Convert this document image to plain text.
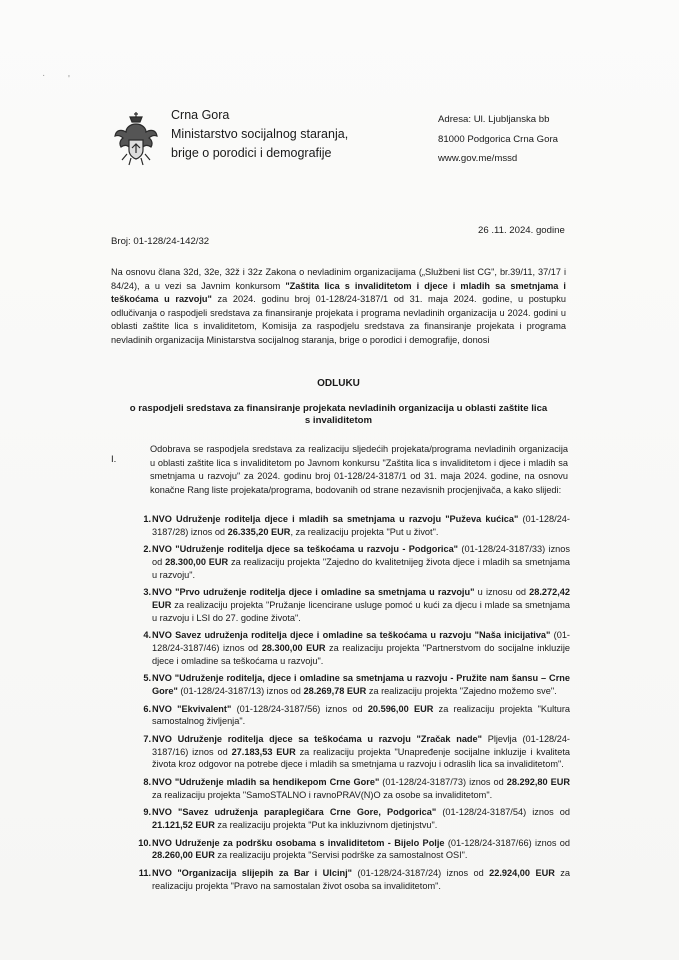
· '
Crna Gora
Ministarstvo socijalnog staranja,
brige o porodici i demografije
Adresa: Ul. Ljubljanska bb
81000 Podgorica Crna Gora
www.gov.me/mssd
Broj: 01-128/24-142/32
26 .11. 2024. godine
Na osnovu člana 32d, 32e, 32ž i 32z Zakona o nevladinim organizacijama („Službeni list CG", br.39/11, 37/17 i 84/24), a u vezi sa Javnim konkursom "Zaštita lica s invaliditetom i djece i mladih sa smetnjama i teškoćama u razvoju" za 2024. godinu broj 01-128/24-3187/1 od 31. maja 2024. godine, u postupku odlučivanja o raspodjeli sredstava za finansiranje projekata i programa nevladinih organizacija u 2024. godini u oblasti zaštite lica s invaliditetom, Komisija za raspodjelu sredstava za finansiranje projekata i programa nevladinih organizacija Ministarstva socijalnog staranja, brige o porodici i demografije, donosi
ODLUKU
o raspodjeli sredstava za finansiranje projekata nevladinih organizacija u oblasti zaštite lica
s invaliditetom
I.
Odobrava se raspodjela sredstava za realizaciju sljedećih projekata/programa nevladinih organizacija u oblasti zaštite lica s invaliditetom po Javnom konkursu "Zaštita lica s invaliditetom i djece i mladih sa smetnjama u razvoju" za 2024. godinu broj 01-128/24-3187/1 od 31. maja 2024. godine, na osnovu konačne Rang liste projekata/programa, bodovanih od strane nezavisnih procjenjivača, a kako slijedi:
1. NVO Udruženje roditelja djece i mladih sa smetnjama u razvoju "Puževa kućica" (01-128/24-3187/28) iznos od 26.335,20 EUR, za realizaciju projekta "Put u život".
2. NVO "Udruženje roditelja djece sa teškoćama u razvoju - Podgorica" (01-128/24-3187/33) iznos od 28.300,00 EUR za realizaciju projekta "Zajedno do kvalitetnijeg života djece i mladih sa smetnjama u razvoju".
3. NVO "Prvo udruženje roditelja djece i omladine sa smetnjama u razvoju" u iznosu od 28.272,42 EUR za realizaciju projekta "Pružanje licencirane usluge pomoć u kući za djecu i mlade sa smetnjama u razvoju i LSI do 27. godine života".
4. NVO Savez udruženja roditelja djece i omladine sa teškoćama u razvoju "Naša inicijativa" (01-128/24-3187/46) iznos od 28.300,00 EUR za realizaciju projekta "Partnerstvom do socijalne inkluzije djece i omladine sa teškoćama u razvoju".
5. NVO "Udruženje roditelja, djece i omladine sa smetnjama u razvoju - Pružite nam šansu – Crne Gore" (01-128/24-3187/13) iznos od 28.269,78 EUR za realizaciju projekta "Zajedno možemo sve".
6. NVO "Ekvivalent" (01-128/24-3187/56) iznos od 20.596,00 EUR za realizaciju projekta "Kultura samostalnog življenja".
7. NVO Udruženje roditelja djece sa teškoćama u razvoju "Zračak nade" Pljevlja (01-128/24-3187/16) iznos od 27.183,53 EUR za realizaciju projekta "Unapređenje socijalne inkluzije i kvaliteta života kroz odgovor na potrebe djece i mladih sa smetnjama u razvoju i odraslih lica sa invaliditetom".
8. NVO "Udruženje mladih sa hendikepom Crne Gore" (01-128/24-3187/73) iznos od 28.292,80 EUR za realizaciju projekta "SamoSTALNO i ravnoPRAV(N)O za osobe sa invaliditetom".
9. NVO "Savez udruženja paraplegičara Crne Gore, Podgorica" (01-128/24-3187/54) iznos od 21.121,52 EUR za realizaciju projekta "Put ka inkluzivnom djetinjstvu".
10. NVO Udruženje za podršku osobama s invaliditetom - Bijelo Polje (01-128/24-3187/66) iznos od 28.260,00 EUR za realizaciju projekta "Servisi podrške za samostalnost OSI".
11. NVO "Organizacija slijepih za Bar i Ulcinj" (01-128/24-3187/24) iznos od 22.924,00 EUR za realizaciju projekta "Pravo na samostalan život osoba sa invaliditetom".
